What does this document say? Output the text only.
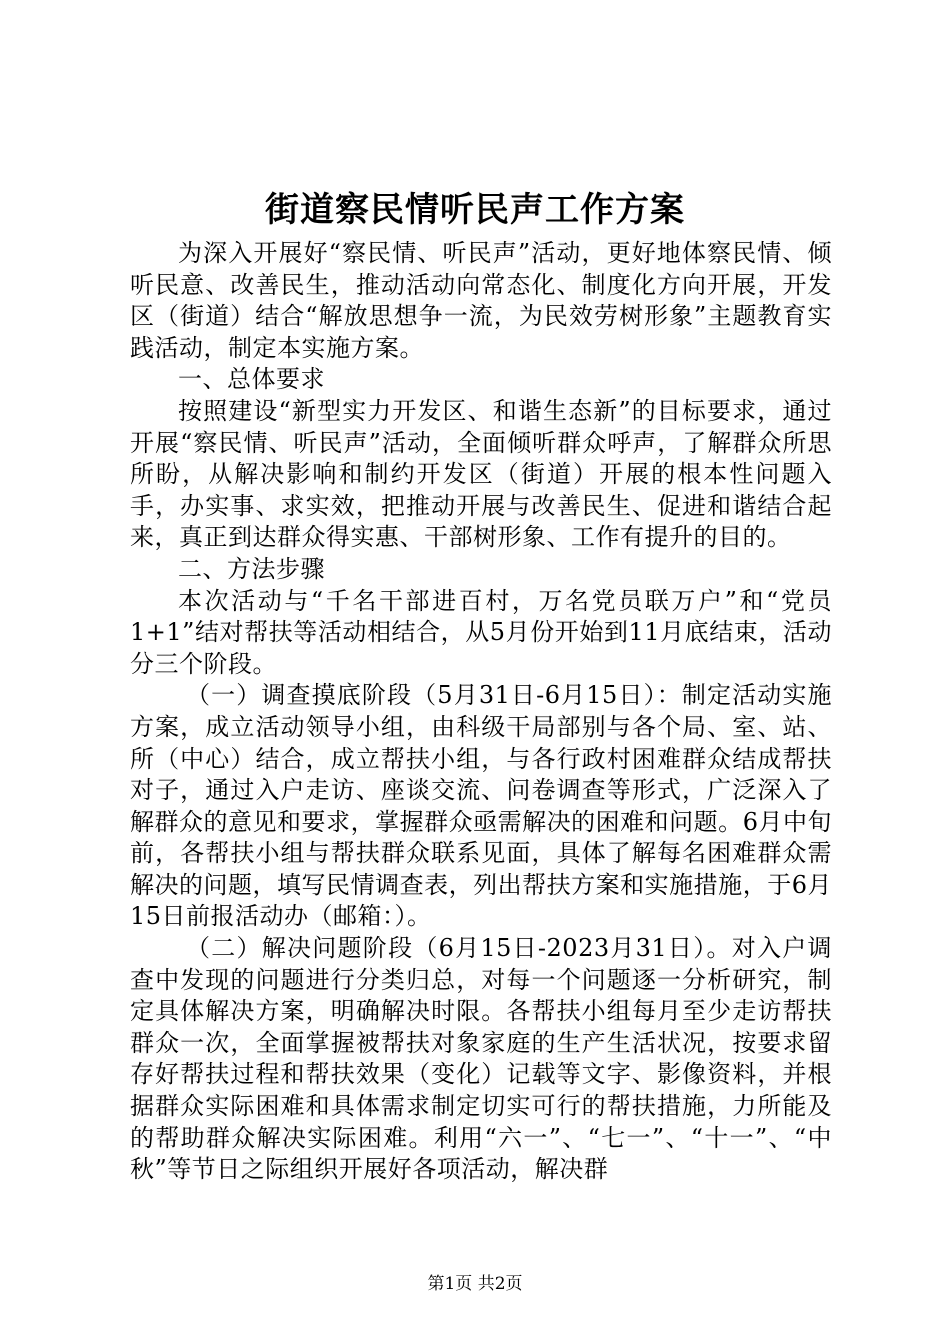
街道察民情听民声工作方案

为深入开展好“察民情、听民声”活动，更好地体察民情、倾听民意、改善民生，推动活动向常态化、制度化方向开展，开发区（街道）结合“解放思想争一流，为民效劳树形象”主题教育实践活动，制定本实施方案。

一、总体要求

按照建设“新型实力开发区、和谐生态新”的目标要求，通过开展“察民情、听民声”活动，全面倾听群众呼声，了解群众所思所盼，从解决影响和制约开发区（街道）开展的根本性问题入手，办实事、求实效，把推动开展与改善民生、促进和谐结合起来，真正到达群众得实惠、干部树形象、工作有提升的目的。

二、方法步骤

本次活动与“千名干部进百村，万名党员联万户”和“党员1+1”结对帮扶等活动相结合，从5月份开始到11月底结束，活动分三个阶段。

（一）调查摸底阶段（5月31日-6月15日）：制定活动实施方案，成立活动领导小组，由科级干局部别与各个局、室、站、所（中心）结合，成立帮扶小组，与各行政村困难群众结成帮扶对子，通过入户走访、座谈交流、问卷调查等形式，广泛深入了解群众的意见和要求，掌握群众亟需解决的困难和问题。6月中旬前，各帮扶小组与帮扶群众联系见面，具体了解每名困难群众需解决的问题，填写民情调查表，列出帮扶方案和实施措施，于6月15日前报活动办（邮箱：）。

（二）解决问题阶段（6月15日-2023月31日）。对入户调查中发现的问题进行分类归总，对每一个问题逐一分析研究，制定具体解决方案，明确解决时限。各帮扶小组每月至少走访帮扶群众一次，全面掌握被帮扶对象家庭的生产生活状况，按要求留存好帮扶过程和帮扶效果（变化）记载等文字、影像资料，并根据群众实际困难和具体需求制定切实可行的帮扶措施，力所能及的帮助群众解决实际困难。利用“六一”、“七一”、“十一”、“中秋”等节日之际组织开展好各项活动，解决群

第1页 共2页
